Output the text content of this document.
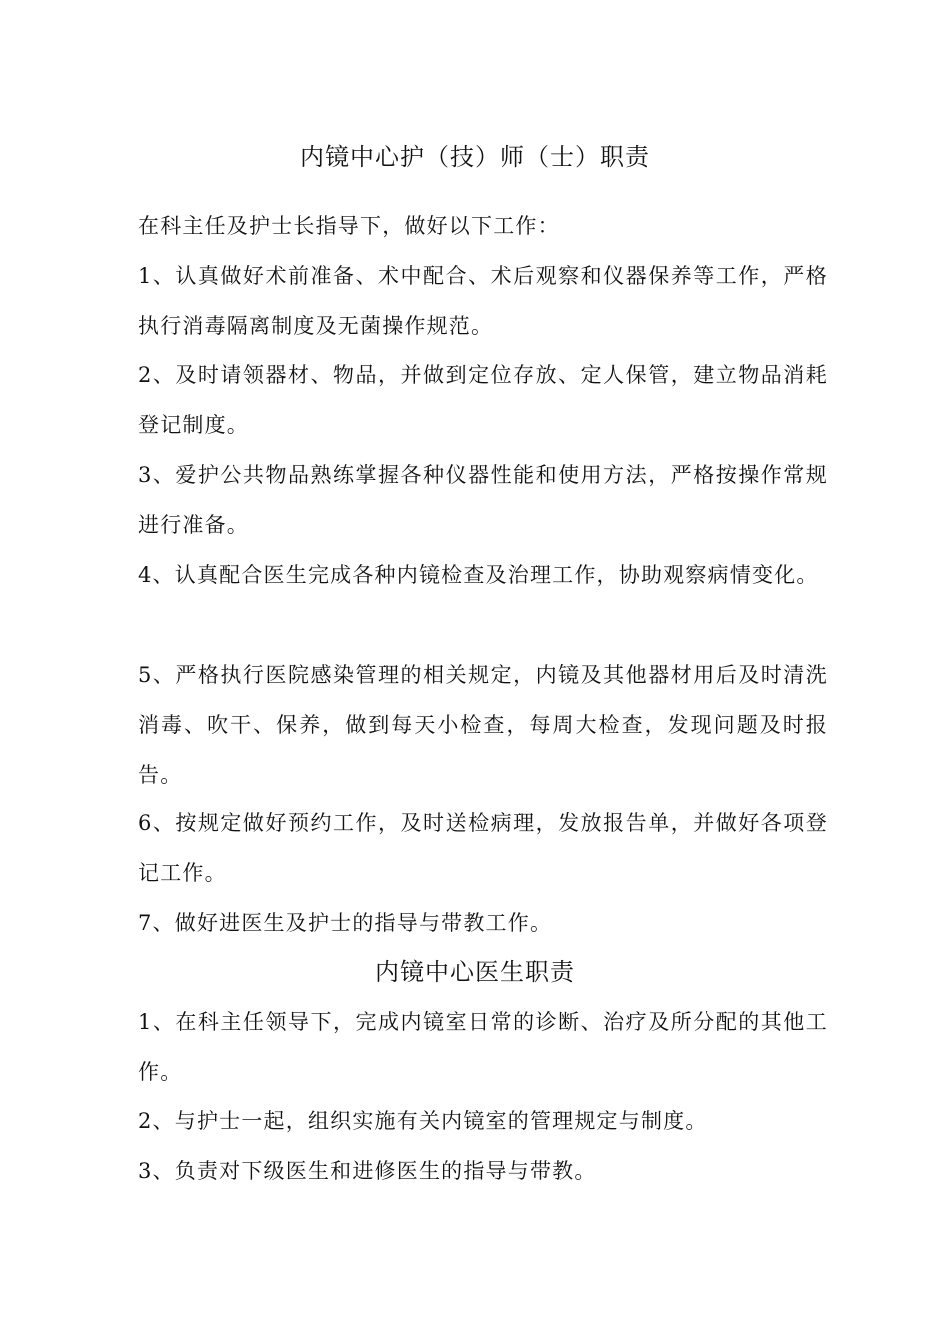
内镜中心护（技）师（士）职责

在科主任及护士长指导下，做好以下工作：

1、认真做好术前准备、术中配合、术后观察和仪器保养等工作，严格执行消毒隔离制度及无菌操作规范。

2、及时请领器材、物品，并做到定位存放、定人保管，建立物品消耗登记制度。

3、爱护公共物品熟练掌握各种仪器性能和使用方法，严格按操作常规进行准备。

4、认真配合医生完成各种内镜检查及治理工作，协助观察病情变化。

5、严格执行医院感染管理的相关规定，内镜及其他器材用后及时清洗消毒、吹干、保养，做到每天小检查，每周大检查，发现问题及时报告。

6、按规定做好预约工作，及时送检病理，发放报告单，并做好各项登记工作。

7、做好进医生及护士的指导与带教工作。

内镜中心医生职责

1、在科主任领导下，完成内镜室日常的诊断、治疗及所分配的其他工作。

2、与护士一起，组织实施有关内镜室的管理规定与制度。

3、负责对下级医生和进修医生的指导与带教。
